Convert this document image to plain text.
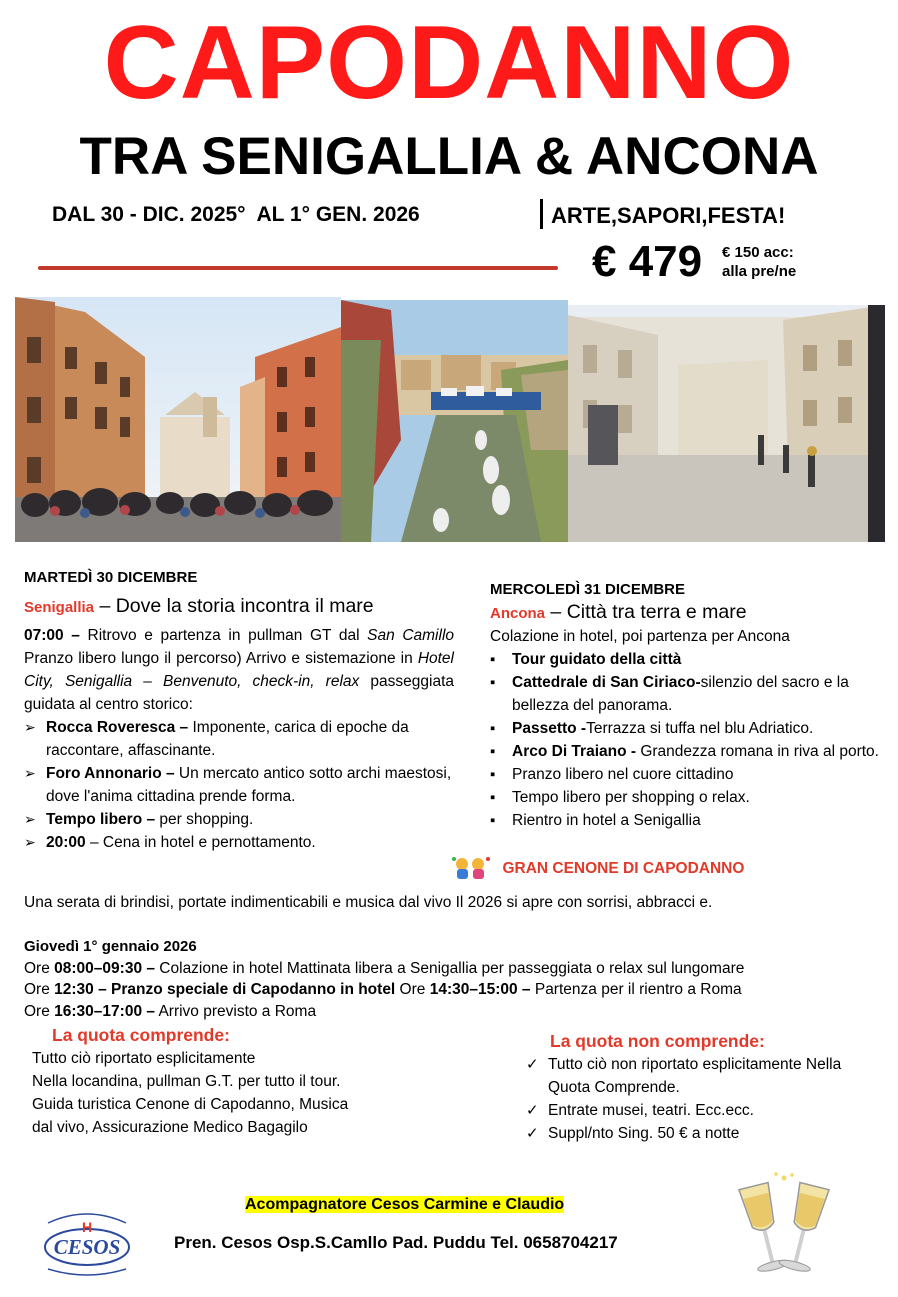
CAPODANNO
TRA SENIGALLIA & ANCONA
DAL 30 - DIC. 2025°  AL 1° GEN. 2026	ARTE,SAPORI,FESTA!
€ 479 € 150 acc:
alla pre/ne
MARTEDÌ 30 DICEMBRE
Senigallia – Dove la storia incontra il mare
07:00 – Ritrovo e partenza in pullman GT dal San Camillo Pranzo libero lungo il percorso) Arrivo e sistemazione in Hotel City, Senigallia – Benvenuto, check-in, relax passeggiata guidata al centro storico:
➢ Rocca Roveresca – Imponente, carica di epoche da raccontare, affascinante.
➢ Foro Annonario – Un mercato antico sotto archi maestosi, dove l'anima cittadina prende forma.
➢ Tempo libero – per shopping.
➢ 20:00 – Cena in hotel e pernottamento.
MERCOLEDÌ 31 DICEMBRE
Ancona – Città tra terra e mare
Colazione in hotel, poi partenza per Ancona
▪ Tour guidato della città
▪ Cattedrale di San Ciriaco-silenzio del sacro e la bellezza del panorama.
▪ Passetto -Terrazza si tuffa nel blu Adriatico.
▪ Arco Di Traiano - Grandezza romana in riva al porto.
▪ Pranzo libero nel cuore cittadino
▪ Tempo libero per shopping o relax.
▪ Rientro in hotel a Senigallia
GRAN CENONE DI CAPODANNO
Una serata di brindisi, portate indimenticabili e musica dal vivo Il 2026 si apre con sorrisi, abbracci e.
Giovedì 1° gennaio 2026
Ore 08:00–09:30 – Colazione in hotel Mattinata libera a Senigallia per passeggiata o relax sul lungomare
Ore 12:30 – Pranzo speciale di Capodanno in hotel Ore 14:30–15:00 – Partenza per il rientro a Roma
Ore 16:30–17:00 – Arrivo previsto a Roma
La quota comprende:
Tutto ciò riportato esplicitamente
Nella locandina, pullman G.T. per tutto il tour.
Guida turistica Cenone di Capodanno, Musica
dal vivo, Assicurazione Medico Bagagilo
La quota non comprende:
✓ Tutto ciò non riportato esplicitamente Nella Quota Comprende.
✓ Entrate musei, teatri. Ecc.ecc.
✓ Suppl/nto Sing. 50 € a notte
Acompagnatore Cesos Carmine e Claudio
Pren. Cesos Osp.S.Camllo Pad. Puddu Tel. 0658704217
H
CESOS
